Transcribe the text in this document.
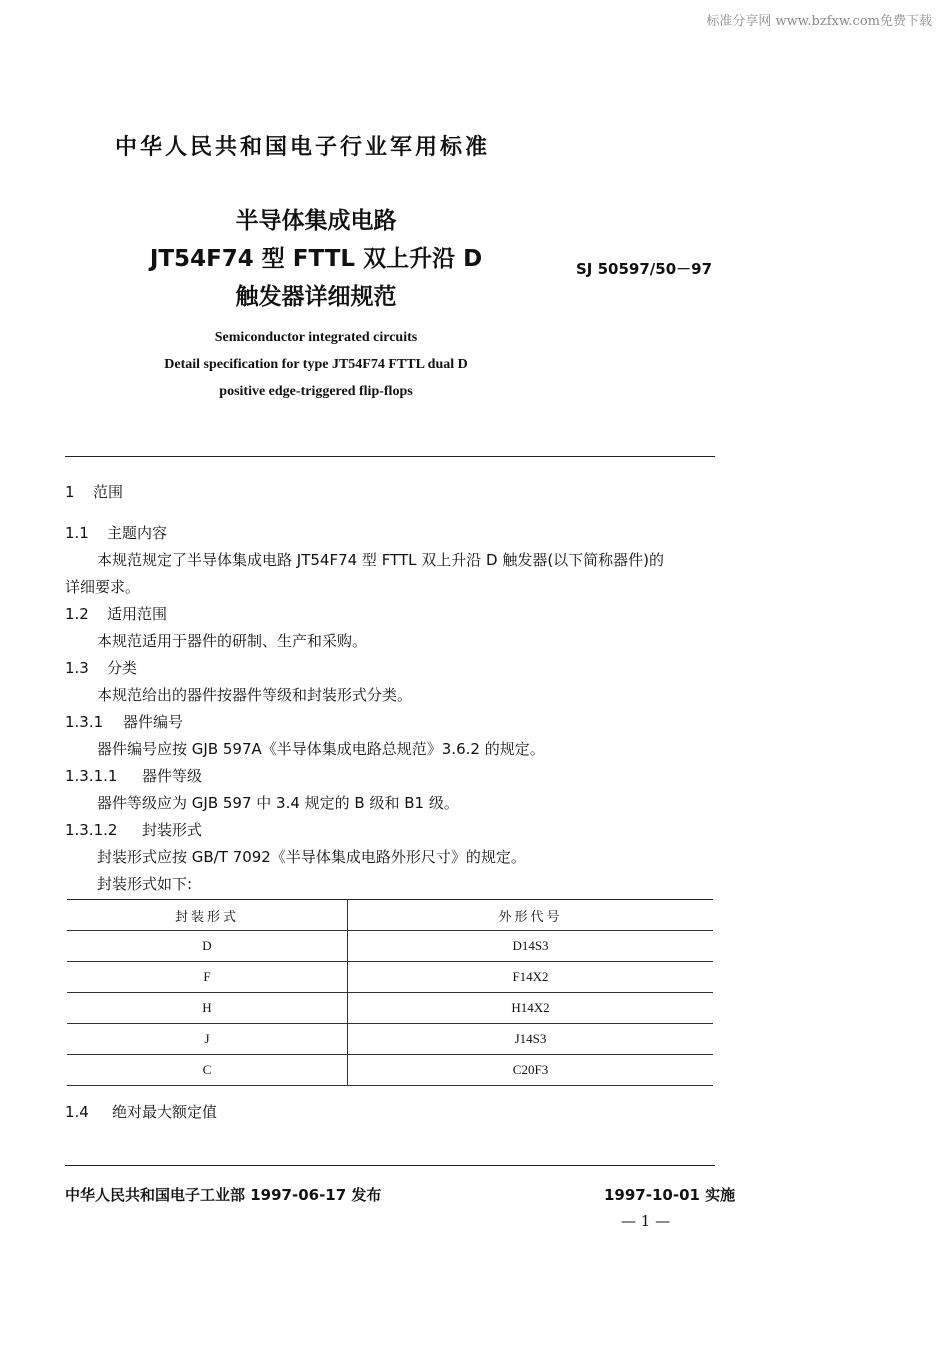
标准分享网 www.bzfxw.com免费下载
中华人民共和国电子行业军用标准
半导体集成电路
JT54F74 型 FTTL 双上升沿 D
触发器详细规范
SJ 50597/50－97
Semiconductor integrated circuits
Detail specification for type JT54F74 FTTL dual D
positive edge-triggered flip-flops
1 范围
1.1 主题内容
本规范规定了半导体集成电路 JT54F74 型 FTTL 双上升沿 D 触发器(以下简称器件)的
详细要求。
1.2 适用范围
本规范适用于器件的研制、生产和采购。
1.3 分类
本规范给出的器件按器件等级和封装形式分类。
1.3.1 器件编号
器件编号应按 GJB 597A《半导体集成电路总规范》3.6.2 的规定。
1.3.1.1 器件等级
器件等级应为 GJB 597 中 3.4 规定的 B 级和 B1 级。
1.3.1.2 封装形式
封装形式应按 GB/T 7092《半导体集成电路外形尺寸》的规定。
封装形式如下:
封装形式	外形代号
D	D14S3
F	F14X2
H	H14X2
J	J14S3
C	C20F3
1.4 绝对最大额定值
中华人民共和国电子工业部 1997-06-17 发布	1997-10-01 实施
— 1 —
